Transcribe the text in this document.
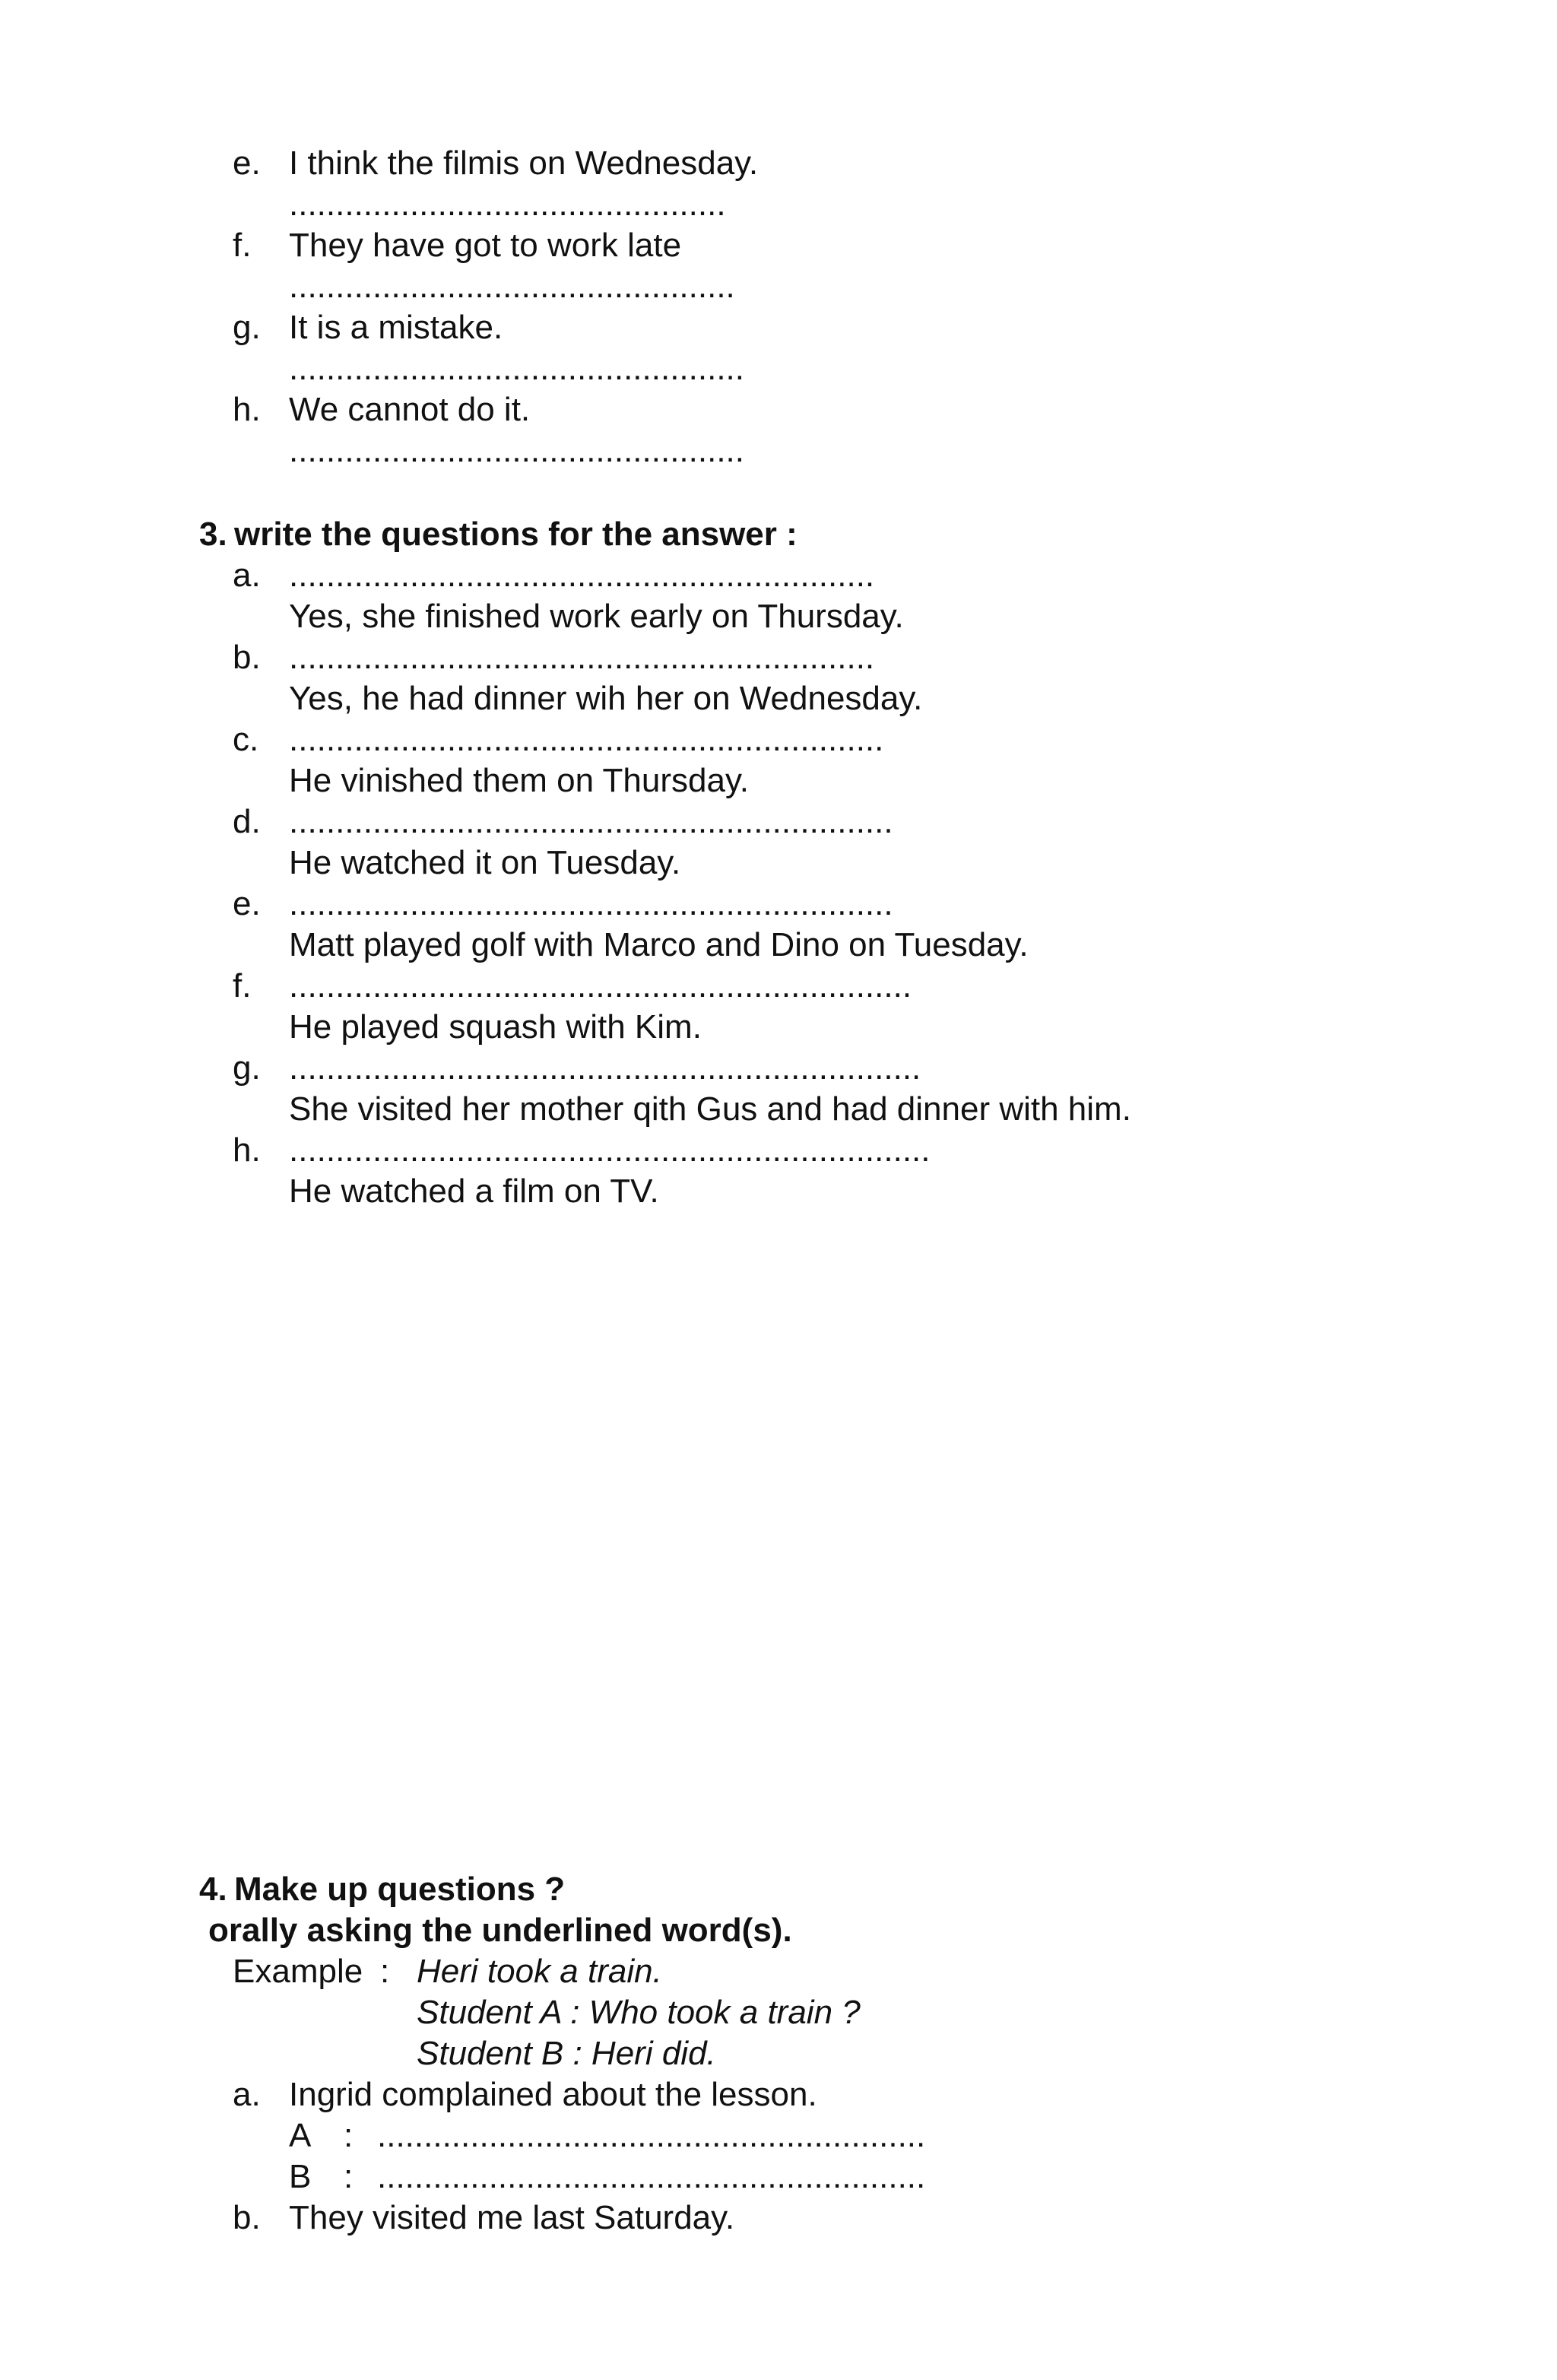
e. I think the filmis on Wednesday.
...............................................
f. They have got to work late
................................................
g. It is a mistake.
.................................................
h. We cannot do it.
.................................................
3. write the questions for the answer :
a. ...............................................................
Yes, she finished work early on Thursday.
b. ...............................................................
Yes, he had dinner wih her on Wednesday.
c. ................................................................
He vinished them on Thursday.
d. .................................................................
He watched it on Tuesday.
e. .................................................................
Matt played golf with Marco and Dino on Tuesday.
f. ...................................................................
He played squash with Kim.
g. ....................................................................
She visited her mother qith Gus and had dinner with him.
h. .....................................................................
He watched a film on TV.
4. Make up questions ?
orally asking the underlined word(s).
Example : Heri took a train.
Student A : Who took a train ?
Student B : Heri did.
a. Ingrid complained about the lesson.
A : ...........................................................
B : ...........................................................
b. They visited me last Saturday.
